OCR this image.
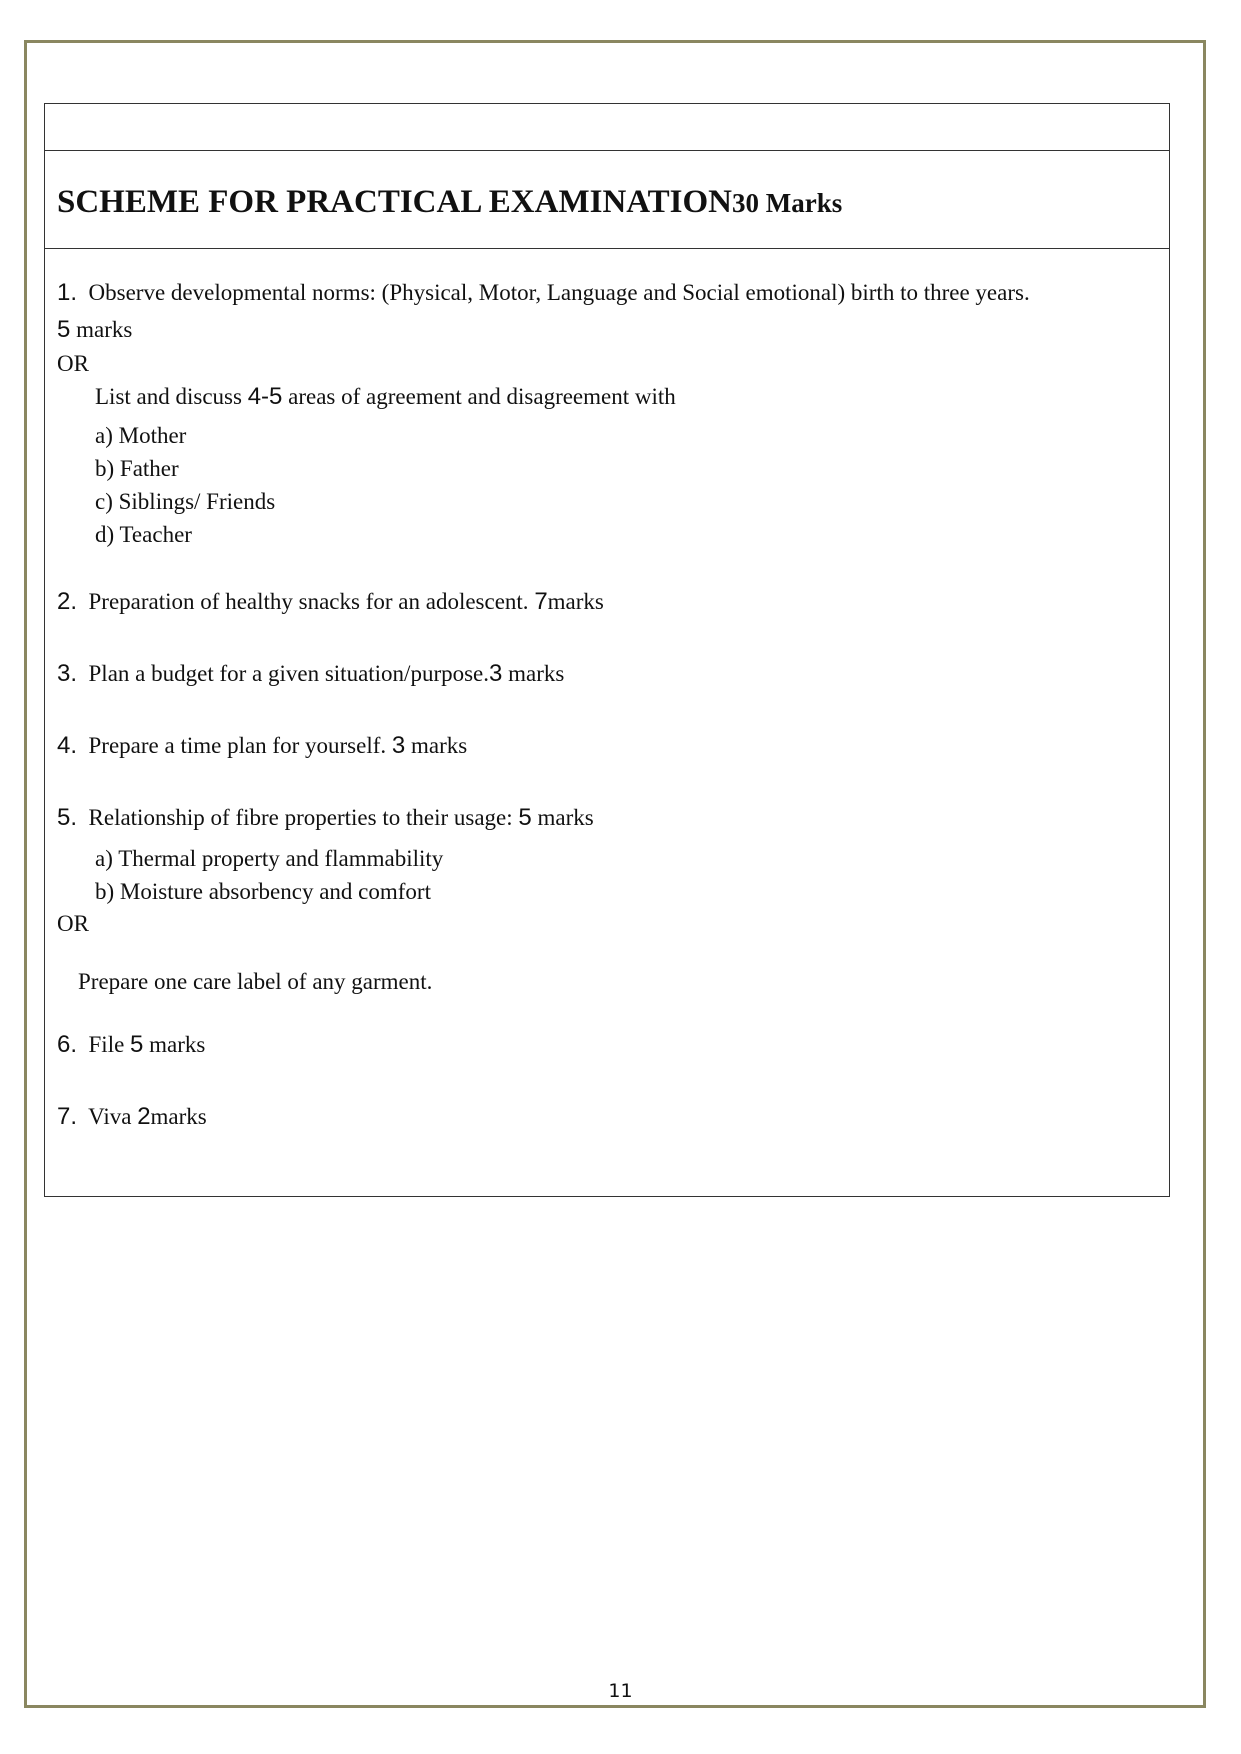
SCHEME FOR PRACTICAL EXAMINATION30 Marks
1. Observe developmental norms: (Physical, Motor, Language and Social emotional) birth to three years.
5 marks
OR
List and discuss 4-5 areas of agreement and disagreement with
a) Mother
b) Father
c) Siblings/ Friends
d) Teacher
2. Preparation of healthy snacks for an adolescent. 7marks
3. Plan a budget for a given situation/purpose.3 marks
4. Prepare a time plan for yourself. 3 marks
5. Relationship of fibre properties to their usage: 5 marks
a) Thermal property and flammability
b) Moisture absorbency and comfort
OR
Prepare one care label of any garment.
6. File 5 marks
7. Viva 2marks
11
